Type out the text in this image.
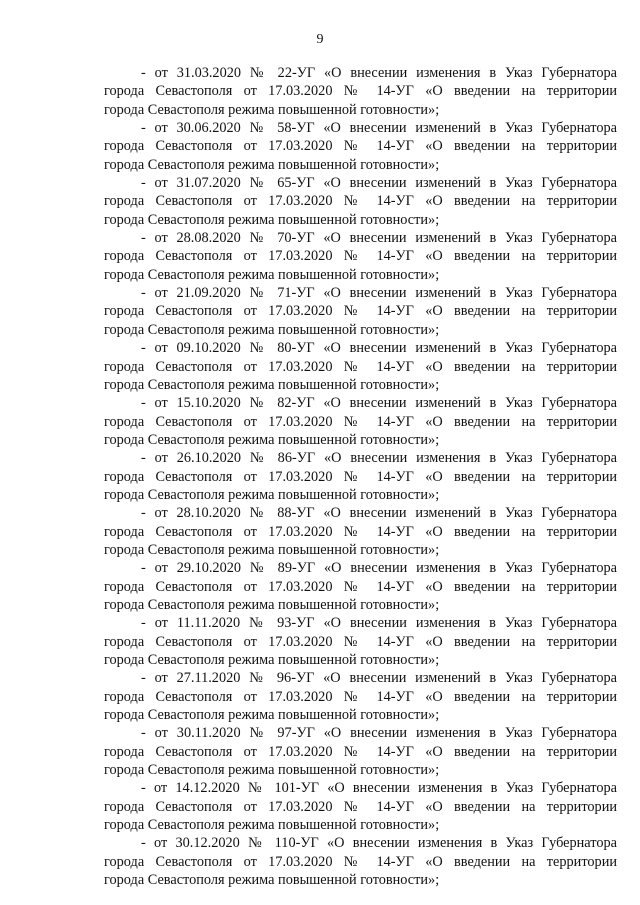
9

- от 31.03.2020 № 22-УГ «О внесении изменения в Указ Губернатора

города Севастополя от 17.03.2020 № 14-УГ «О введении на территории

города Севастополя режима повышенной готовности»;

- от 30.06.2020 № 58-УГ «О внесении изменений в Указ Губернатора

города Севастополя от 17.03.2020 № 14-УГ «О введении на территории

города Севастополя режима повышенной готовности»;

- от 31.07.2020 № 65-УГ «О внесении изменений в Указ Губернатора

города Севастополя от 17.03.2020 № 14-УГ «О введении на территории

города Севастополя режима повышенной готовности»;

- от 28.08.2020 № 70-УГ «О внесении изменений в Указ Губернатора

города Севастополя от 17.03.2020 № 14-УГ «О введении на территории

города Севастополя режима повышенной готовности»;

- от 21.09.2020 № 71-УГ «О внесении изменений в Указ Губернатора

города Севастополя от 17.03.2020 № 14-УГ «О введении на территории

города Севастополя режима повышенной готовности»;

- от 09.10.2020 № 80-УГ «О внесении изменений в Указ Губернатора

города Севастополя от 17.03.2020 № 14-УГ «О введении на территории

города Севастополя режима повышенной готовности»;

- от 15.10.2020 № 82-УГ «О внесении изменений в Указ Губернатора

города Севастополя от 17.03.2020 № 14-УГ «О введении на территории

города Севастополя режима повышенной готовности»;

- от 26.10.2020 № 86-УГ «О внесении изменения в Указ Губернатора

города Севастополя от 17.03.2020 № 14-УГ «О введении на территории

города Севастополя режима повышенной готовности»;

- от 28.10.2020 № 88-УГ «О внесении изменений в Указ Губернатора

города Севастополя от 17.03.2020 № 14-УГ «О введении на территории

города Севастополя режима повышенной готовности»;

- от 29.10.2020 № 89-УГ «О внесении изменения в Указ Губернатора

города Севастополя от 17.03.2020 № 14-УГ «О введении на территории

города Севастополя режима повышенной готовности»;

- от 11.11.2020 № 93-УГ «О внесении изменения в Указ Губернатора

города Севастополя от 17.03.2020 № 14-УГ «О введении на территории

города Севастополя режима повышенной готовности»;

- от 27.11.2020 № 96-УГ «О внесении изменений в Указ Губернатора

города Севастополя от 17.03.2020 № 14-УГ «О введении на территории

города Севастополя режима повышенной готовности»;

- от 30.11.2020 № 97-УГ «О внесении изменения в Указ Губернатора

города Севастополя от 17.03.2020 № 14-УГ «О введении на территории

города Севастополя режима повышенной готовности»;

- от 14.12.2020 № 101-УГ «О внесении изменения в Указ Губернатора

города Севастополя от 17.03.2020 № 14-УГ «О введении на территории

города Севастополя режима повышенной готовности»;

- от 30.12.2020 № 110-УГ «О внесении изменения в Указ Губернатора

города Севастополя от 17.03.2020 № 14-УГ «О введении на территории

города Севастополя режима повышенной готовности»;
